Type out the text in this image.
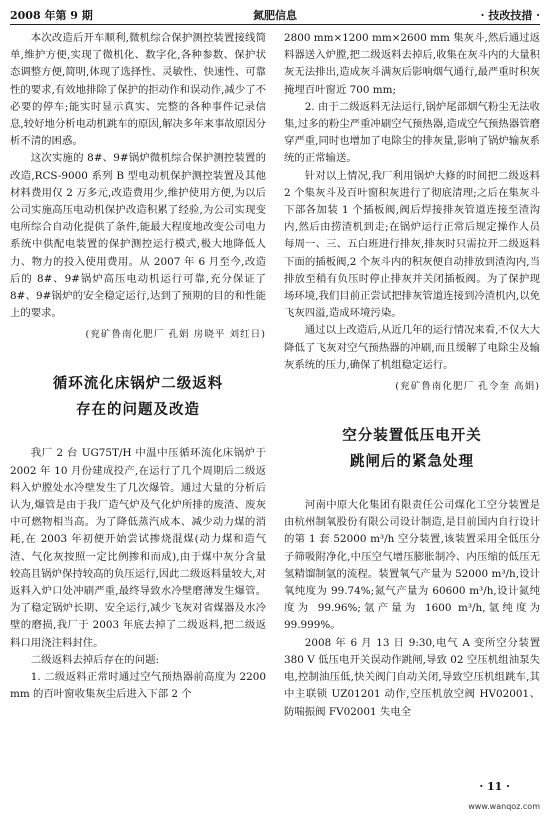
2008 年第 9 期	氮肥信息	· 技改技措 ·

本次改造后开车顺利,微机综合保护测控装置接线简单,维护方便,实现了微机化、数字化,各种参数、保护状态调整方便,简明,体现了选择性、灵敏性、快速性、可靠性的要求,有效地排除了保护的拒动作和误动作,减少了不必要的停车;能实时显示真实、完整的各种事件记录信息,较好地分析电动机跳车的原因,解决多年来事故原因分析不清的困惑。

这次实施的 8#、9#锅炉微机综合保护测控装置的改造,RCS-9000 系列 B 型电动机保护测控装置及其他材料费用仅 2 万多元,改造费用少,维护使用方便,为以后公司实施高压电动机保护改造积累了经验,为公司实现变电所综合自动化提供了条件,能最大程度地改变公司电力系统中供配电装置的保护测控运行模式,极大地降低人力、物力的投入使用费用。从 2007 年 6 月至今,改造后的 8#、9#锅炉高压电动机运行可靠,充分保证了 8#、9#锅炉的安全稳定运行,达到了预期的目的和性能上的要求。

(兖矿鲁南化肥厂 孔娟 房晓平 刘红日)

循环流化床锅炉二级返料

存在的问题及改造

我厂 2 台 UG75T/H 中温中压循环流化床锅炉于 2002 年 10 月份建成投产,在运行了几个周期后二级返料入炉膛处水冷壁发生了几次爆管。通过大量的分析后认为,爆管是由于我厂造气炉及气化炉所排的废渣、废灰中可燃物相当高。为了降低蒸汽成本、减少动力煤的消耗,在 2003 年初便开始尝试掺烧混煤(动力煤和造气渣、气化灰按照一定比例掺和而成),由于煤中灰分含量较高且锅炉保持较高的负压运行,因此二级返料量较大,对返料入炉口处冲刷严重,最终导致水冷壁磨薄发生爆管。为了稳定锅炉长期、安全运行,减少飞灰对省煤器及水冷壁的磨损,我厂于 2003 年底去掉了二级返料,把二级返料口用浇注料封住。

二级返料去掉后存在的问题:

1. 二级返料正常时通过空气预热器前高度为 2200 mm 的百叶窗收集灰尘后进入下部 2 个

2800 mm×1200 mm×2600 mm 集灰斗,然后通过返料器送入炉膛,把二级返料去掉后,收集在灰斗内的大量积灰无法排出,造成灰斗满灰后影响烟气通行,最严重时积灰掩埋百叶窗近 700 mm;

2. 由于二级返料无法运行,锅炉尾部烟气粉尘无法收集,过多的粉尘严重冲刷空气预热器,造成空气预热器管磨穿严重,同时也增加了电除尘的排灰量,影响了锅炉输灰系统的正常输送。

针对以上情况,我厂利用锅炉大修的时间把二级返料 2 个集灰斗及百叶窗积灰进行了彻底清理;之后在集灰斗下部各加装 1 个插板阀,阀后焊接排灰管道连接至渣沟内,然后由捞渣机到走;在锅炉运行正常后规定操作人员每周一、三、五白班进行排灰,排灰时只需拉开二级返料下面的插板阀,2 个灰斗内的积灰便自动排放到渣沟内,当排放至稍有负压时停止排灰并关闭插板阀。为了保护现场环境,我们目前正尝试把排灰管道连接到冷渣机内,以免飞灰四溢,造成环境污染。

通过以上改造后,从近几年的运行情况来看,不仅大大降低了飞灰对空气预热器的冲刷,而且缓解了电除尘及输灰系统的压力,确保了机组稳定运行。

(兖矿鲁南化肥厂 孔令奎 高娟)

空分装置低压电开关

跳闸后的紧急处理

河南中原大化集团有限责任公司煤化工空分装置是由杭州制氧股份有限公司设计制造,是目前国内自行设计的第 1 套 52000 m³/h 空分装置,该装置采用全低压分子筛吸附净化,中压空气增压膨胀制冷、内压缩的低压无氢精馏制氩的流程。装置氧气产量为 52000 m³/h,设计氧纯度为 99.74%;氮气产量为 60600 m³/h,设计氮纯度为 99.96%;氩产量为 1600 m³/h,氩纯度为 99.999%。

2008 年 6 月 13 日 9:30,电气 A 变所空分装置 380 V 低压电开关误动作跳闸,导致 02 空压机组油泵失电,控制油压低,快关阀门自动关闭,导致空压机组跳车,其中主联锁 UZ01201 动作,空压机放空阀 HV02001、防喘振阀 FV02001 失电全

· 11 ·
www.wanqoz.com
